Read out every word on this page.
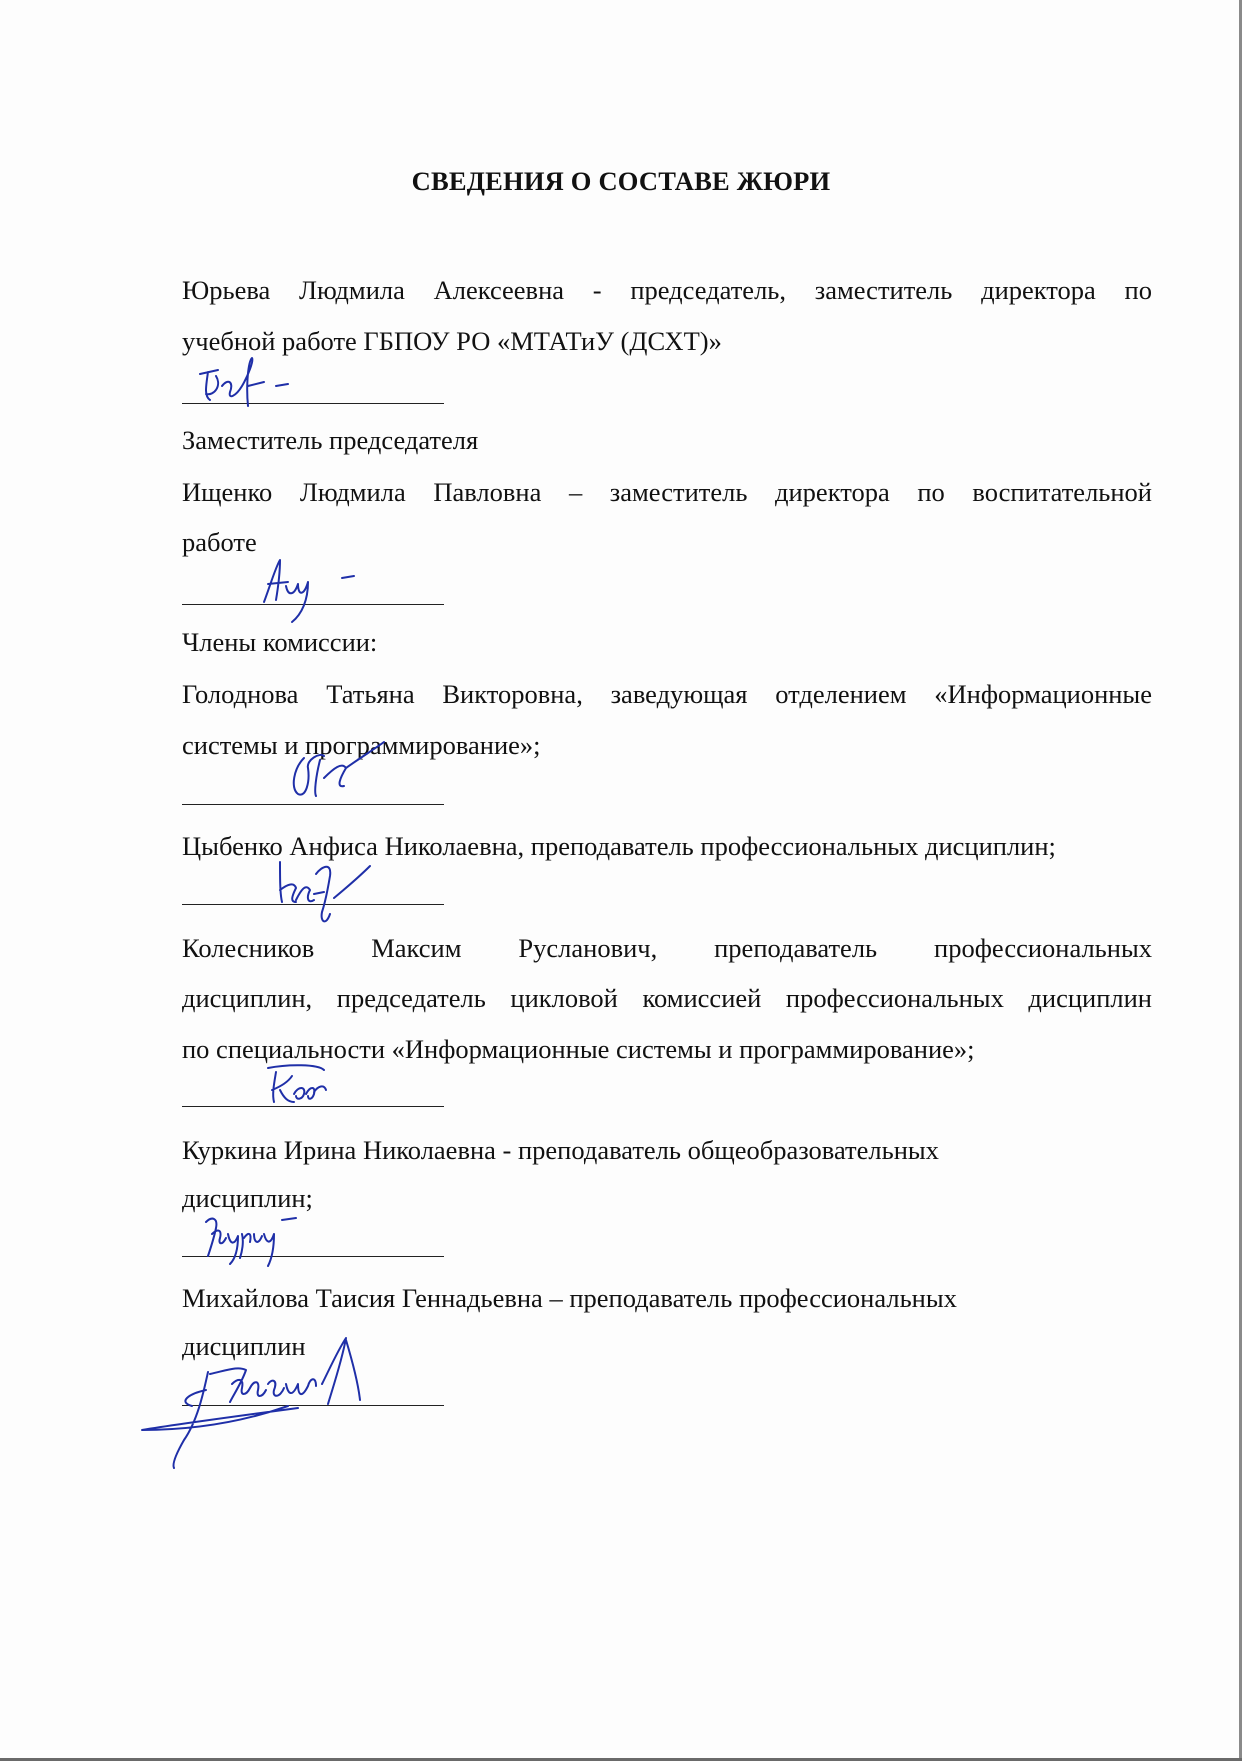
СВЕДЕНИЯ О СОСТАВЕ ЖЮРИ
Юрьева Людмила Алексеевна - председатель, заместитель директора по
учебной работе ГБПОУ РО «МТАТиУ (ДСХТ)»
Заместитель председателя
Ищенко Людмила Павловна – заместитель директора по воспитательной
работе
Члены комиссии:
Голоднова Татьяна Викторовна, заведующая отделением «Информационные
системы и программирование»;
Цыбенко Анфиса Николаевна, преподаватель профессиональных дисциплин;
Колесников Максим Русланович, преподаватель профессиональных
дисциплин, председатель цикловой комиссией профессиональных дисциплин
по специальности «Информационные системы и программирование»;
Куркина Ирина Николаевна - преподаватель общеобразовательных
дисциплин;
Михайлова Таисия Геннадьевна – преподаватель профессиональных
дисциплин
